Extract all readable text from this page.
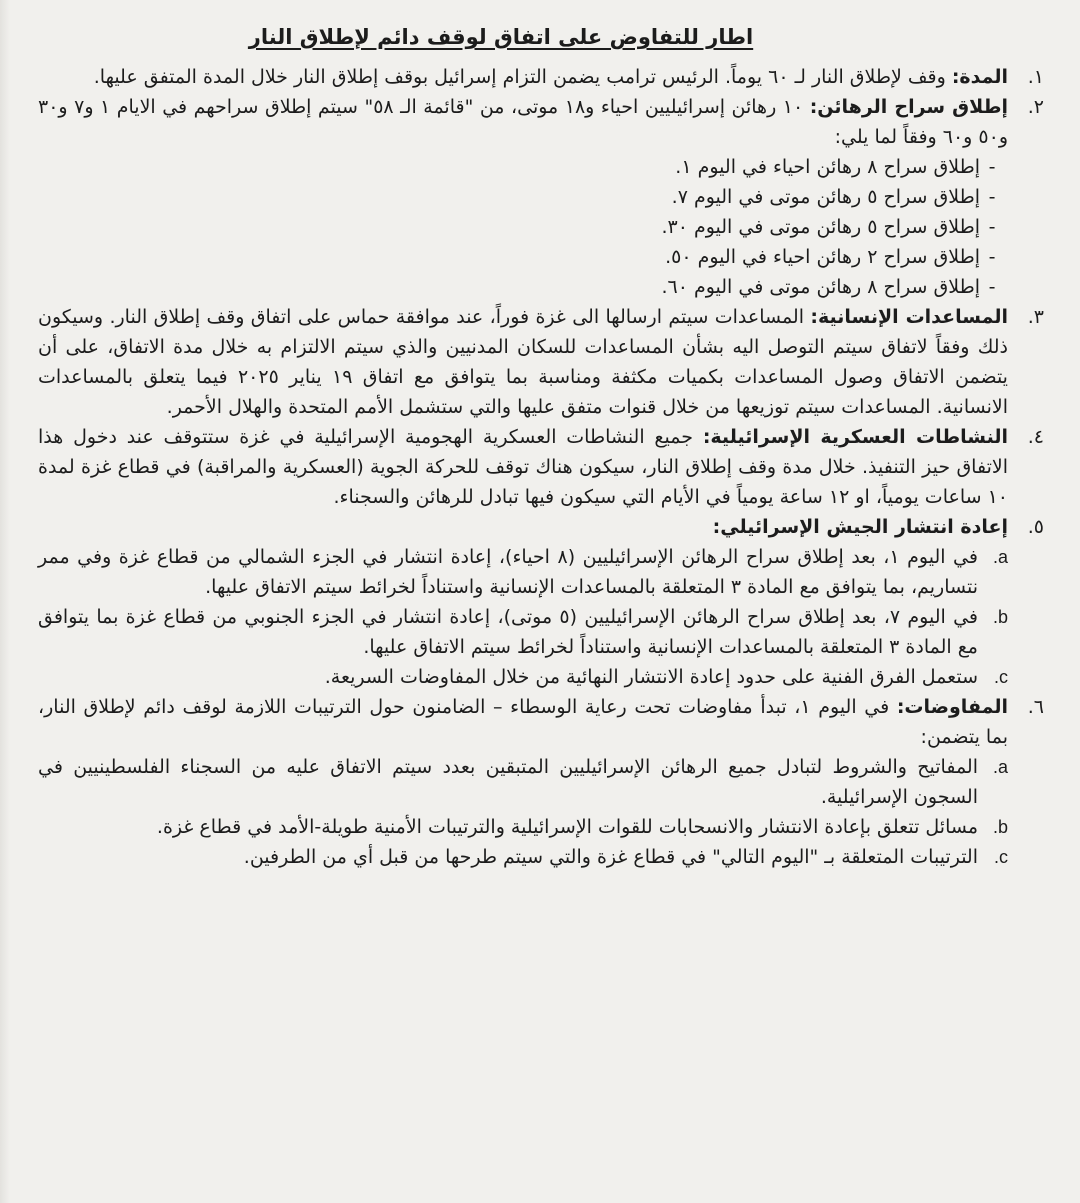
اطار للتفاوض على اتفاق لوقف دائم لإطلاق النار
١.
المدة: وقف لإطلاق النار لـ ٦٠ يوماً. الرئيس ترامب يضمن التزام إسرائيل بوقف إطلاق النار خلال المدة المتفق عليها.
٢.
إطلاق سراح الرهائن: ١٠ رهائن إسرائيليين احياء و١٨ موتى، من "قائمة الـ ٥٨" سيتم إطلاق سراحهم في الايام ١ و٧ و٣٠ و٥٠ و٦٠ وفقاً لما يلي:
-
إطلاق سراح ٨ رهائن احياء في اليوم ١.
-
إطلاق سراح ٥ رهائن موتى في اليوم ٧.
-
إطلاق سراح ٥ رهائن موتى في اليوم ٣٠.
-
إطلاق سراح ٢ رهائن احياء في اليوم ٥٠.
-
إطلاق سراح ٨ رهائن موتى في اليوم ٦٠.
٣.
المساعدات الإنسانية: المساعدات سيتم ارسالها الى غزة فوراً، عند موافقة حماس على اتفاق وقف إطلاق النار. وسيكون ذلك وفقاً لاتفاق سيتم التوصل اليه بشأن المساعدات للسكان المدنيين والذي سيتم الالتزام به خلال مدة الاتفاق، على أن يتضمن الاتفاق وصول المساعدات بكميات مكثفة ومناسبة بما يتوافق مع اتفاق ١٩ يناير ٢٠٢٥ فيما يتعلق بالمساعدات الانسانية. المساعدات سيتم توزيعها من خلال قنوات متفق عليها والتي ستشمل الأمم المتحدة والهلال الأحمر.
٤.
النشاطات العسكرية الإسرائيلية: جميع النشاطات العسكرية الهجومية الإسرائيلية في غزة ستتوقف عند دخول هذا الاتفاق حيز التنفيذ. خلال مدة وقف إطلاق النار، سيكون هناك توقف للحركة الجوية (العسكرية والمراقبة) في قطاع غزة لمدة ١٠ ساعات يومياً، او ١٢ ساعة يومياً في الأيام التي سيكون فيها تبادل للرهائن والسجناء.
٥.
إعادة انتشار الجيش الإسرائيلي:
a.
في اليوم ١، بعد إطلاق سراح الرهائن الإسرائيليين (٨ احياء)، إعادة انتشار في الجزء الشمالي من قطاع غزة وفي ممر نتساريم، بما يتوافق مع المادة ٣ المتعلقة بالمساعدات الإنسانية واستناداً لخرائط سيتم الاتفاق عليها.
b.
في اليوم ٧، بعد إطلاق سراح الرهائن الإسرائيليين (٥ موتى)، إعادة انتشار في الجزء الجنوبي من قطاع غزة بما يتوافق مع المادة ٣ المتعلقة بالمساعدات الإنسانية واستناداً لخرائط سيتم الاتفاق عليها.
c.
ستعمل الفرق الفنية على حدود إعادة الانتشار النهائية من خلال المفاوضات السريعة.
٦.
المفاوضات: في اليوم ١، تبدأ مفاوضات تحت رعاية الوسطاء – الضامنون حول الترتيبات اللازمة لوقف دائم لإطلاق النار، بما يتضمن:
a.
المفاتيح والشروط لتبادل جميع الرهائن الإسرائيليين المتبقين بعدد سيتم الاتفاق عليه من السجناء الفلسطينيين في السجون الإسرائيلية.
b.
مسائل تتعلق بإعادة الانتشار والانسحابات للقوات الإسرائيلية والترتيبات الأمنية طويلة-الأمد في قطاع غزة.
c.
الترتيبات المتعلقة بـ "اليوم التالي" في قطاع غزة والتي سيتم طرحها من قبل أي من الطرفين.
